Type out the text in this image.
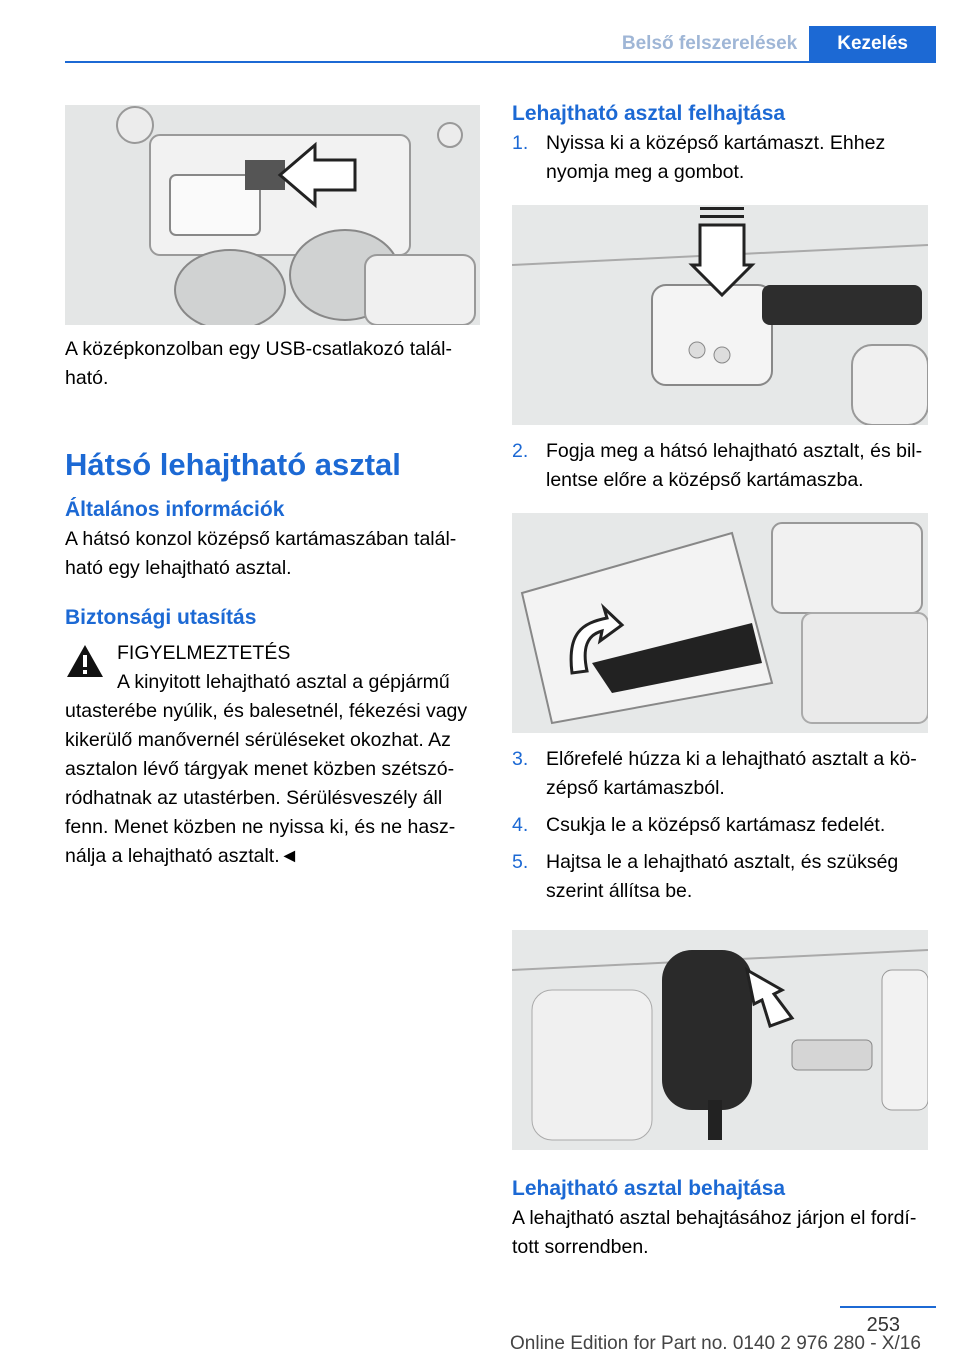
Belső felszerelések	Kezelés

A középkonzolban egy USB-csatlakozó talál-

ható.

Hátsó lehajtható asztal
Általános információk

A hátsó konzol középső kartámaszában talál-

ható egy lehajtható asztal.

Biztonsági utasítás
FIGYELMEZTETÉS

A kinyitott lehajtható asztal a gépjármű

utasterébe nyúlik, és balesetnél, fékezési vagy

kikerülő manővernél sérüléseket okozhat. Az

asztalon lévő tárgyak menet közben szétszó-

ródhatnak az utastérben. Sérülésveszély áll

fenn. Menet közben ne nyissa ki, és ne hasz-

nálja a lehajtható asztalt.◄

Lehajtható asztal felhajtása
1. Nyissa ki a középső kartámaszt. Ehhez
nyomja meg a gombot.
2. Fogja meg a hátsó lehajtható asztalt, és bil-
lentse előre a középső kartámaszba.
3. Előrefelé húzza ki a lehajtható asztalt a kö-
zépső kartámaszból.
4. Csukja le a középső kartámasz fedelét.
5. Hajtsa le a lehajtható asztalt, és szükség
szerint állítsa be.
Lehajtható asztal behajtása

A lehajtható asztal behajtásához járjon el fordí-

tott sorrendben.

253
Online Edition for Part no. 0140 2 976 280 - X/16
